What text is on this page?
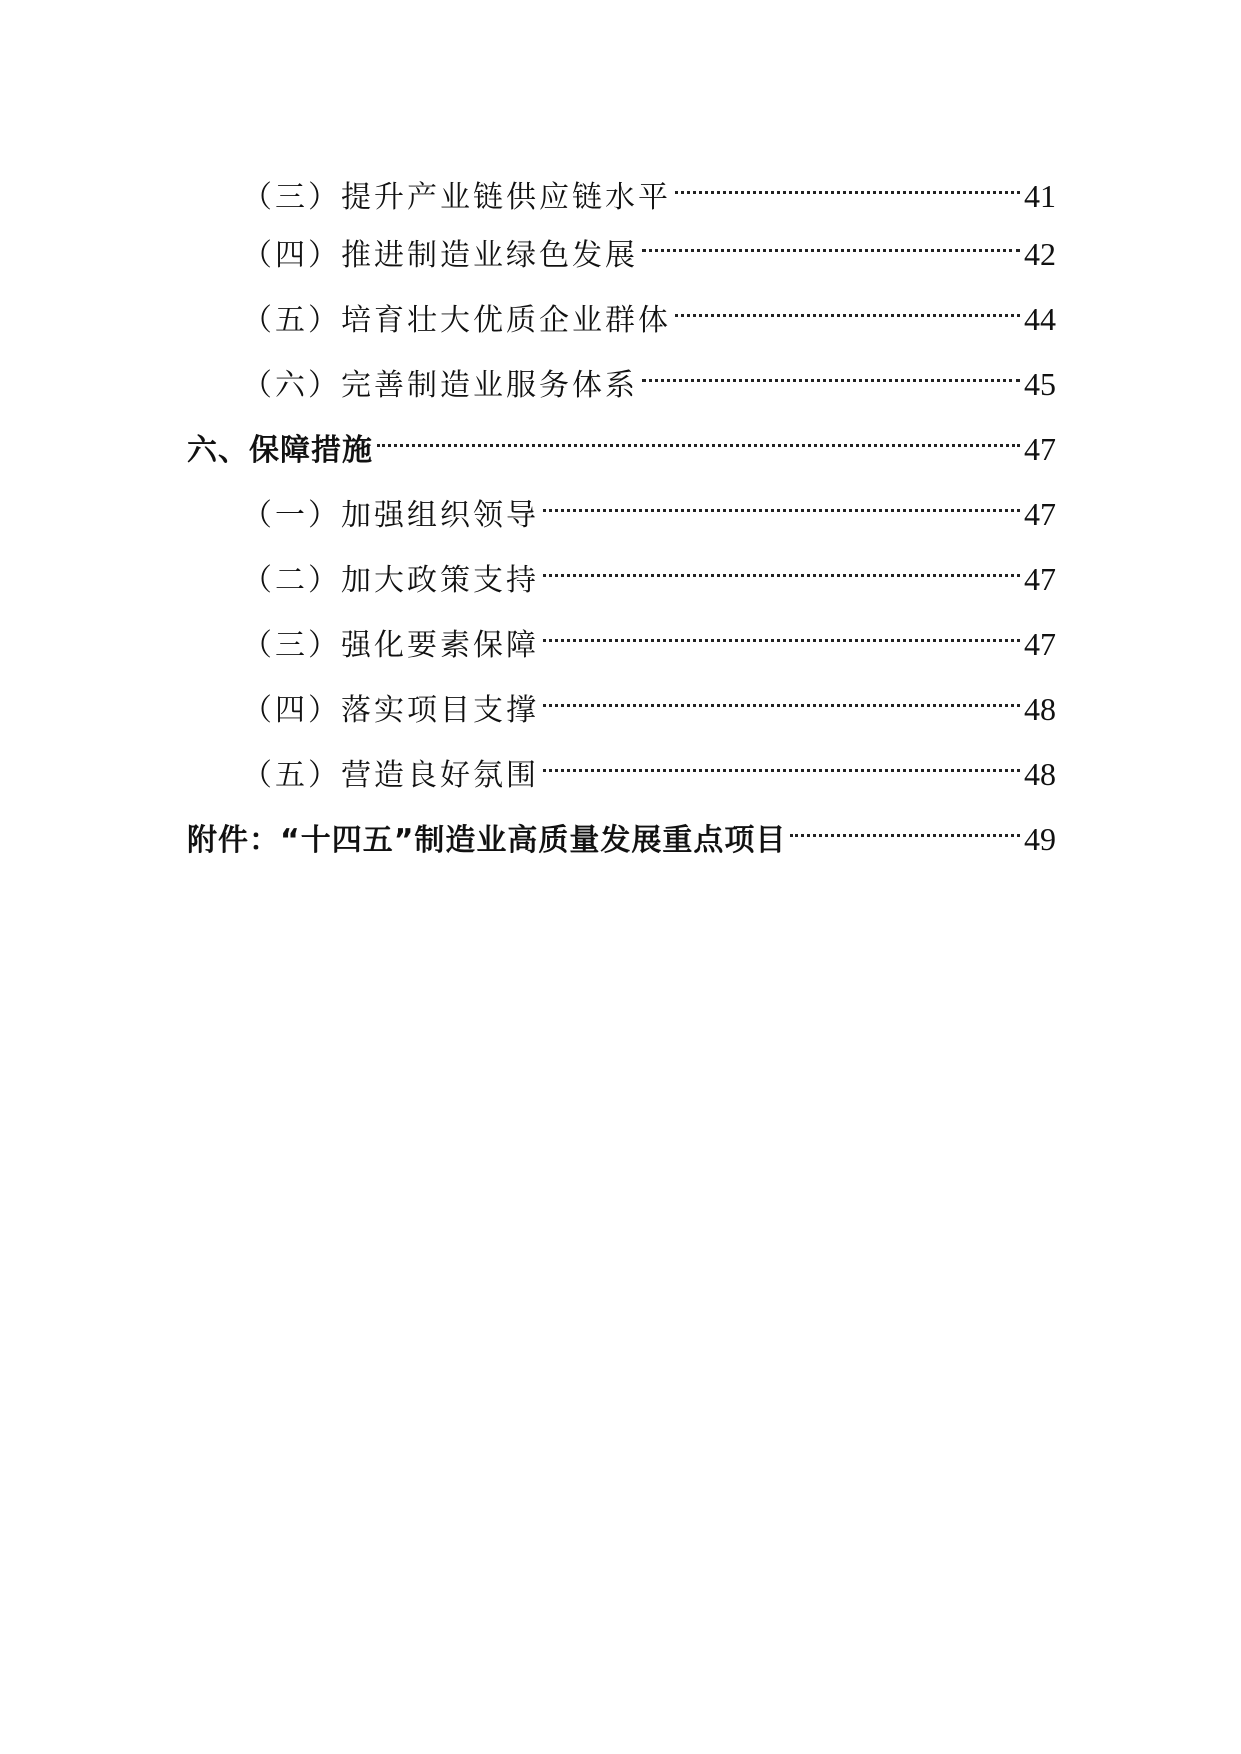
（三）提升产业链供应链水平	41
（四）推进制造业绿色发展	42
（五）培育壮大优质企业群体	44
（六）完善制造业服务体系	45
六、保障措施	47
（一）加强组织领导	47
（二）加大政策支持	47
（三）强化要素保障	47
（四）落实项目支撑	48
（五）营造良好氛围	48
附件：“十四五”制造业高质量发展重点项目	49
